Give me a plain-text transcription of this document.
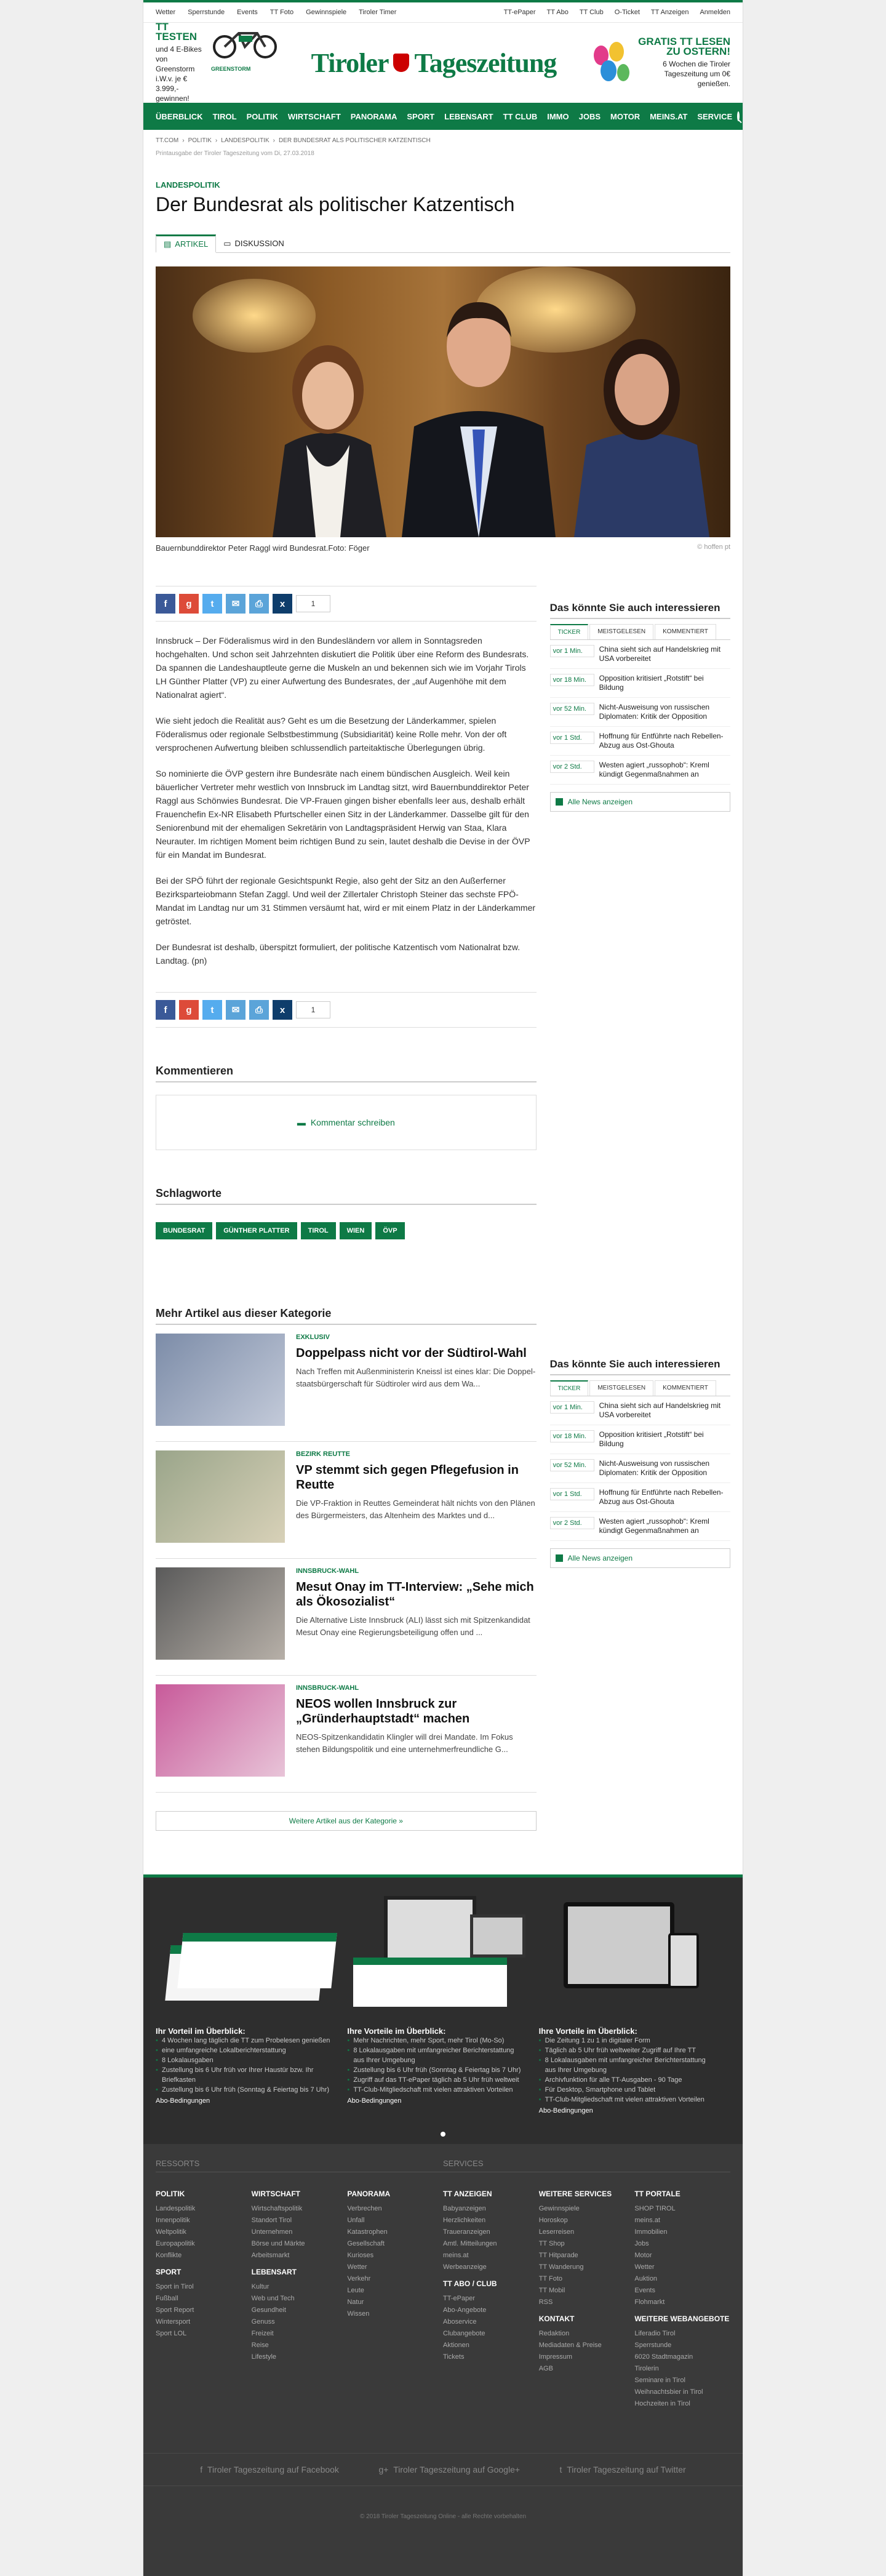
Wetter Sperrstunde Events TT Foto Gewinnspiele Tiroler Timer	TT-ePaper TT Abo TT Club O-Ticket TT Anzeigen Anmelden
TT TESTEN
und 4 E-Bikes von Greenstorm i.W.v. je € 3.999,- gewinnen!
GREENSTORM	Tiroler Tageszeitung
GRATIS TT LESEN ZU OSTERN!
6 Wochen die Tiroler Tageszeitung um 0€ genießen.
ÜBERBLICK	TIROL	POLITIK	WIRTSCHAFT	PANORAMA	SPORT	LEBENSART	TT CLUB	IMMO	JOBS	MOTOR	MEINS.AT	SERVICE
TT.COM › POLITIK › LANDESPOLITIK › DER BUNDESRAT ALS POLITISCHER KATZENTISCH
Printausgabe der Tiroler Tageszeitung vom Di, 27.03.2018
LANDESPOLITIK
Der Bundesrat als politischer Katzentisch
▤ ARTIKEL ▭ DISKUSSION
Bauernbunddirektor Peter Raggl wird Bundesrat.Foto: Föger	© hoffen pt
f	g	t	✉	⎙	x	1

Innsbruck – Der Föderalismus wird in den Bundesländern vor allem in Sonntagsreden hochgehalten. Und schon seit Jahrzehnten diskutiert die Politik über eine Reform des Bundesrats. Da spannen die Landeshauptleute gerne die Muskeln an und bekennen sich wie im Vorjahr Tirols LH Günther Platter (VP) zu einer Aufwertung des Bundesrates, der „auf Augenhöhe mit dem Nationalrat agiert“.

Wie sieht jedoch die Realität aus? Geht es um die Besetzung der Länderkammer, spielen Föderalismus oder regionale Selbstbestimmung (Subsidiarität) keine Rolle mehr. Von der oft versprochenen Aufwertung bleiben schlussendlich parteitaktische Überlegungen übrig.

So nominierte die ÖVP gestern ihre Bundesräte nach einem bündischen Ausgleich. Weil kein bäuerlicher Vertreter mehr westlich von Innsbruck im Landtag sitzt, wird Bauernbunddirektor Peter Raggl aus Schönwies Bundesrat. Die VP-Frauen gingen bisher ebenfalls leer aus, deshalb erhält Frauenchefin Ex-NR Elisabeth Pfurtscheller einen Sitz in der Länderkammer. Dasselbe gilt für den Seniorenbund mit der ehemaligen Sekretärin von Landtagspräsident Herwig van Staa, Klara Neurauter. Im richtigen Moment beim richtigen Bund zu sein, lautet deshalb die Devise in der ÖVP für ein Mandat im Bundesrat.

Bei der SPÖ führt der regionale Gesichtspunkt Regie, also geht der Sitz an den Außerferner Bezirksparteiobmann Stefan Zaggl. Und weil der Zillertaler Christoph Steiner das sechste FPÖ-Mandat im Landtag nur um 31 Stimmen versäumt hat, wird er mit einem Platz in der Länderkammer getröstet.

Der Bundesrat ist deshalb, überspitzt formuliert, der politische Katzentisch vom Nationalrat bzw. Landtag. (pn)

f	g	t	✉	⎙	x	1
Kommentieren
▬ Kommentar schreiben
Schlagworte
BUNDESRAT	GÜNTHER PLATTER	TIROL	WIEN	ÖVP
Mehr Artikel aus dieser Kategorie
EXKLUSIV
Doppelpass nicht vor der Südtirol-Wahl

Nach Treffen mit Außenministerin Kneissl ist eines klar: Die Doppel-staatsbürgerschaft für Südtiroler wird aus dem Wa...

BEZIRK REUTTE
VP stemmt sich gegen Pflegefusion in Reutte

Die VP-Fraktion in Reuttes Gemeinderat hält nichts von den Plänen des Bürgermeisters, das Altenheim des Marktes und d...

INNSBRUCK-WAHL
Mesut Onay im TT-Interview: „Sehe mich als Ökosozialist“

Die Alternative Liste Innsbruck (ALI) lässt sich mit Spitzenkandidat Mesut Onay eine Regierungsbeteiligung offen und ...

INNSBRUCK-WAHL
NEOS wollen Innsbruck zur „Gründerhauptstadt“ machen

NEOS-Spitzenkandidatin Klingler will drei Mandate. Im Fokus stehen Bildungspolitik und eine unternehmerfreundliche G...

Weitere Artikel aus der Kategorie »
Das könnte Sie auch interessieren
TICKER	MEISTGELESEN	KOMMENTIERT
vor 1 Min.	China sieht sich auf Handelskrieg mit USA vorbereitet
vor 18 Min.	Opposition kritisiert „Rotstift“ bei Bildung
vor 52 Min.	Nicht-Ausweisung von russischen Diplomaten: Kritik der Opposition
vor 1 Std.	Hoffnung für Entführte nach Rebellen-Abzug aus Ost-Ghouta
vor 2 Std.	Westen agiert „russophob“: Kreml kündigt Gegenmaßnahmen an
Alle News anzeigen
Das könnte Sie auch interessieren
TICKER	MEISTGELESEN	KOMMENTIERT
vor 1 Min.	China sieht sich auf Handelskrieg mit USA vorbereitet
vor 18 Min.	Opposition kritisiert „Rotstift“ bei Bildung
vor 52 Min.	Nicht-Ausweisung von russischen Diplomaten: Kritik der Opposition
vor 1 Std.	Hoffnung für Entführte nach Rebellen-Abzug aus Ost-Ghouta
vor 2 Std.	Westen agiert „russophob“: Kreml kündigt Gegenmaßnahmen an
Alle News anzeigen
Ihr Vorteil im Überblick:
• 4 Wochen lang täglich die TT zum Probelesen genießen
• eine umfangreiche Lokalberichterstattung
• 8 Lokalausgaben
• Zustellung bis 6 Uhr früh vor Ihrer Haustür bzw. Ihr Briefkasten
• Zustellung bis 6 Uhr früh (Sonntag & Feiertag bis 7 Uhr)
Abo-Bedingungen
Ihre Vorteile im Überblick:
• Mehr Nachrichten, mehr Sport, mehr Tirol (Mo-So)
• 8 Lokalausgaben mit umfangreicher Berichterstattung aus Ihrer Umgebung
• Zustellung bis 6 Uhr früh (Sonntag & Feiertag bis 7 Uhr)
• Zugriff auf das TT-ePaper täglich ab 5 Uhr früh weltweit
• TT-Club-Mitgliedschaft mit vielen attraktiven Vorteilen
Abo-Bedingungen
Ihre Vorteile im Überblick:
• Die Zeitung 1 zu 1 in digitaler Form
• Täglich ab 5 Uhr früh weltweiter Zugriff auf Ihre TT
• 8 Lokalausgaben mit umfangreicher Berichterstattung aus Ihrer Umgebung
• Archivfunktion für alle TT-Ausgaben - 90 Tage
• Für Desktop, Smartphone und Tablet
• TT-Club-Mitgliedschaft mit vielen attraktiven Vorteilen
Abo-Bedingungen
RESSORTS	SERVICES
POLITIK
Landespolitik
Innenpolitik
Weltpolitik
Europapolitik
Konflikte
SPORT
Sport in Tirol
Fußball
Sport Report
Wintersport
Sport LOL
WIRTSCHAFT
Wirtschaftspolitik
Standort Tirol
Unternehmen
Börse und Märkte
Arbeitsmarkt
LEBENSART
Kultur
Web und Tech
Gesundheit
Genuss
Freizeit
Reise
Lifestyle
PANORAMA
Verbrechen
Unfall
Katastrophen
Gesellschaft
Kurioses
Wetter
Verkehr
Leute
Natur
Wissen
TT ANZEIGEN
Babyanzeigen
Herzlichkeiten
Traueranzeigen
Amtl. Mitteilungen
meins.at
Werbeanzeige
TT ABO / CLUB
TT-ePaper
Abo-Angebote
Aboservice
Clubangebote
Aktionen
Tickets
WEITERE SERVICES
Gewinnspiele
Horoskop
Leserreisen
TT Shop
TT Hitparade
TT Wanderung
TT Foto
TT Mobil
RSS
KONTAKT
Redaktion
Mediadaten & Preise
Impressum
AGB
TT PORTALE
SHOP TIROL
meins.at
Immobilien
Jobs
Motor
Wetter
Auktion
Events
Flohmarkt
WEITERE WEBANGEBOTE
Liferadio Tirol
Sperrstunde
6020 Stadtmagazin
Tirolerin
Seminare in Tirol
Weihnachtsbier in Tirol
Hochzeiten in Tirol
f  Tiroler Tageszeitung auf Facebook	g+  Tiroler Tageszeitung auf Google+	t  Tiroler Tageszeitung auf Twitter
© 2018 Tiroler Tageszeitung Online - alle Rechte vorbehalten
